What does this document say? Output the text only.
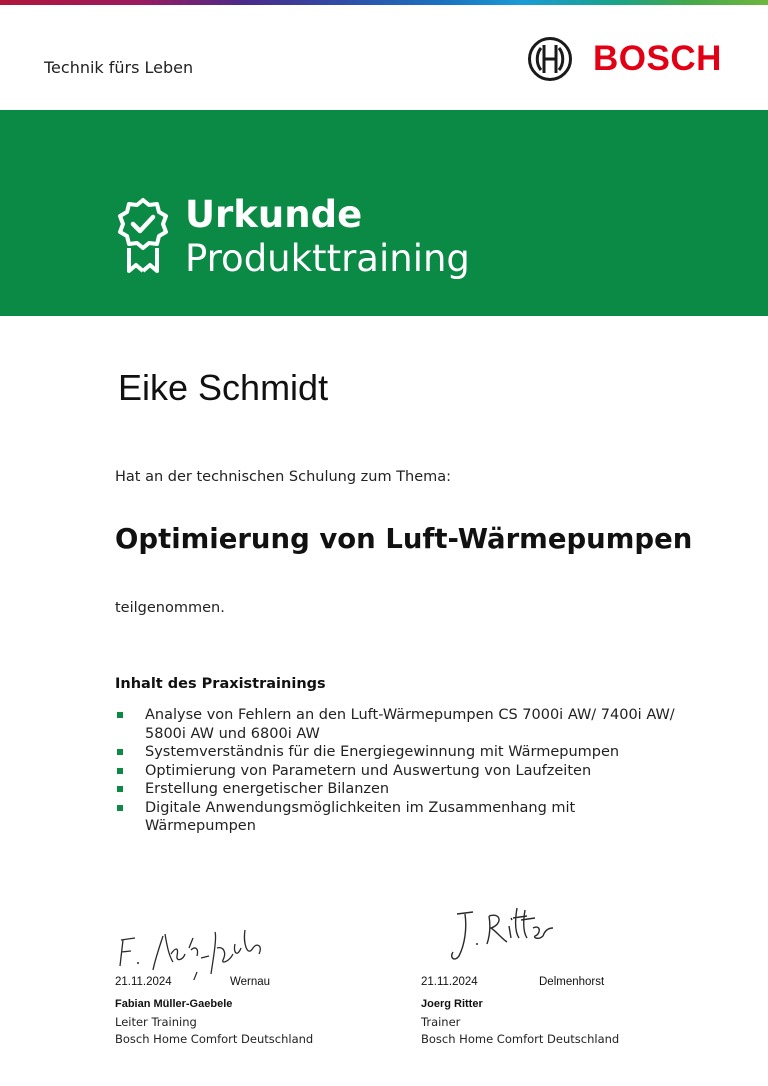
Technik fürs Leben	BOSCH
Urkunde
Produkttraining
Eike Schmidt
Hat an der technischen Schulung zum Thema:
Optimierung von Luft-Wärmepumpen
teilgenommen.
Inhalt des Praxistrainings
Analyse von Fehlern an den Luft-Wärmepumpen CS 7000i AW/ 7400i AW/ 5800i AW und 6800i AW
Systemverständnis für die Energiegewinnung mit Wärmepumpen
Optimierung von Parametern und Auswertung von Laufzeiten
Erstellung energetischer Bilanzen
Digitale Anwendungsmöglichkeiten im Zusammenhang mit Wärmepumpen
21.11.2024	Wernau
Fabian Müller-Gaebele
Leiter Training
Bosch Home Comfort Deutschland
21.11.2024	Delmenhorst
Joerg Ritter
Trainer
Bosch Home Comfort Deutschland
